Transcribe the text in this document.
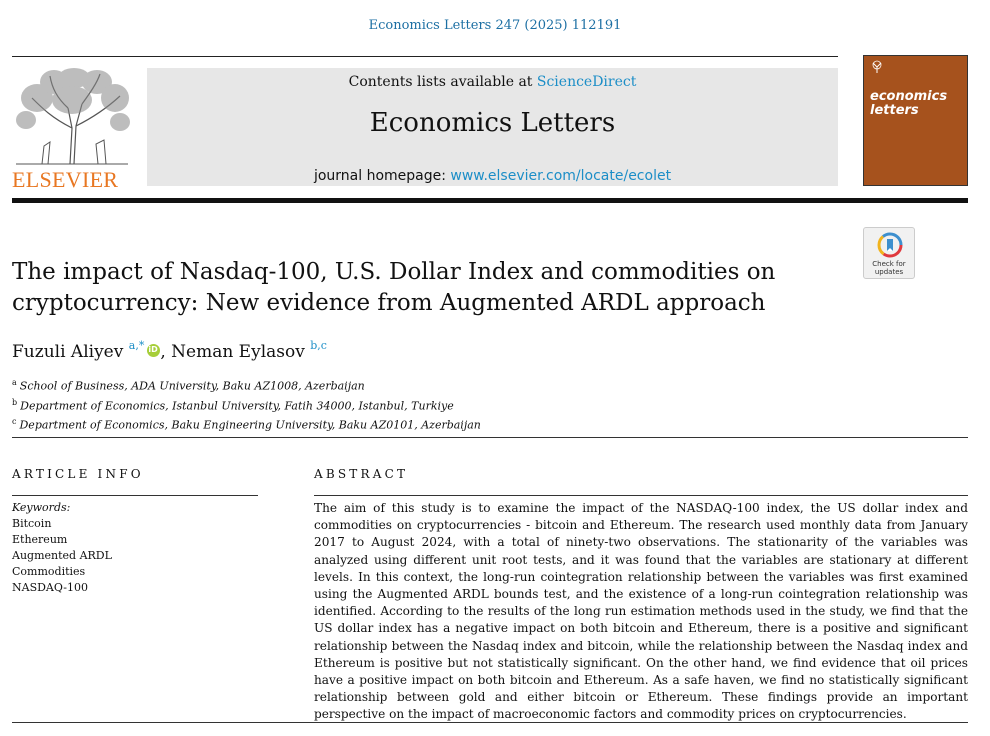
Economics Letters 247 (2025) 112191
ELSEVIER
Contents lists available at ScienceDirect
Economics Letters
journal homepage: www.elsevier.com/locate/ecolet
economics
letters
Check for
updates
The impact of Nasdaq-100, U.S. Dollar Index and commodities on cryptocurrency: New evidence from Augmented ARDL approach
Fuzuli Aliyev $^{a,*}$ iD , Neman Eylasov $^{b,c}$
$^a$ School of Business, ADA University, Baku AZ1008, Azerbaijan
$^b$ Department of Economics, Istanbul University, Fatih 34000, Istanbul, Turkiye
$^c$ Department of Economics, Baku Engineering University, Baku AZ0101, Azerbaijan
ARTICLE INFO
Keywords:
Bitcoin
Ethereum
Augmented ARDL
Commodities
NASDAQ-100
ABSTRACT

The aim of this study is to examine the impact of the NASDAQ-100 index, the US dollar index and commodities on cryptocurrencies - bitcoin and Ethereum. The research used monthly data from January 2017 to August 2024, with a total of ninety-two observations. The stationarity of the variables was analyzed using different unit root tests, and it was found that the variables are stationary at different levels. In this context, the long-run cointegration relationship between the variables was first examined using the Augmented ARDL bounds test, and the existence of a long-run cointegration relationship was identified. According to the results of the long run estimation methods used in the study, we find that the US dollar index has a negative impact on both bitcoin and Ethereum, there is a positive and significant relationship between the Nasdaq index and bitcoin, while the relationship between the Nasdaq index and Ethereum is positive but not statistically significant. On the other hand, we find evidence that oil prices have a positive impact on both bitcoin and Ethereum. As a safe haven, we find no statistically significant relationship between gold and either bitcoin or Ethereum. These findings provide an important perspective on the impact of macroeconomic factors and commodity prices on cryptocurrencies.
